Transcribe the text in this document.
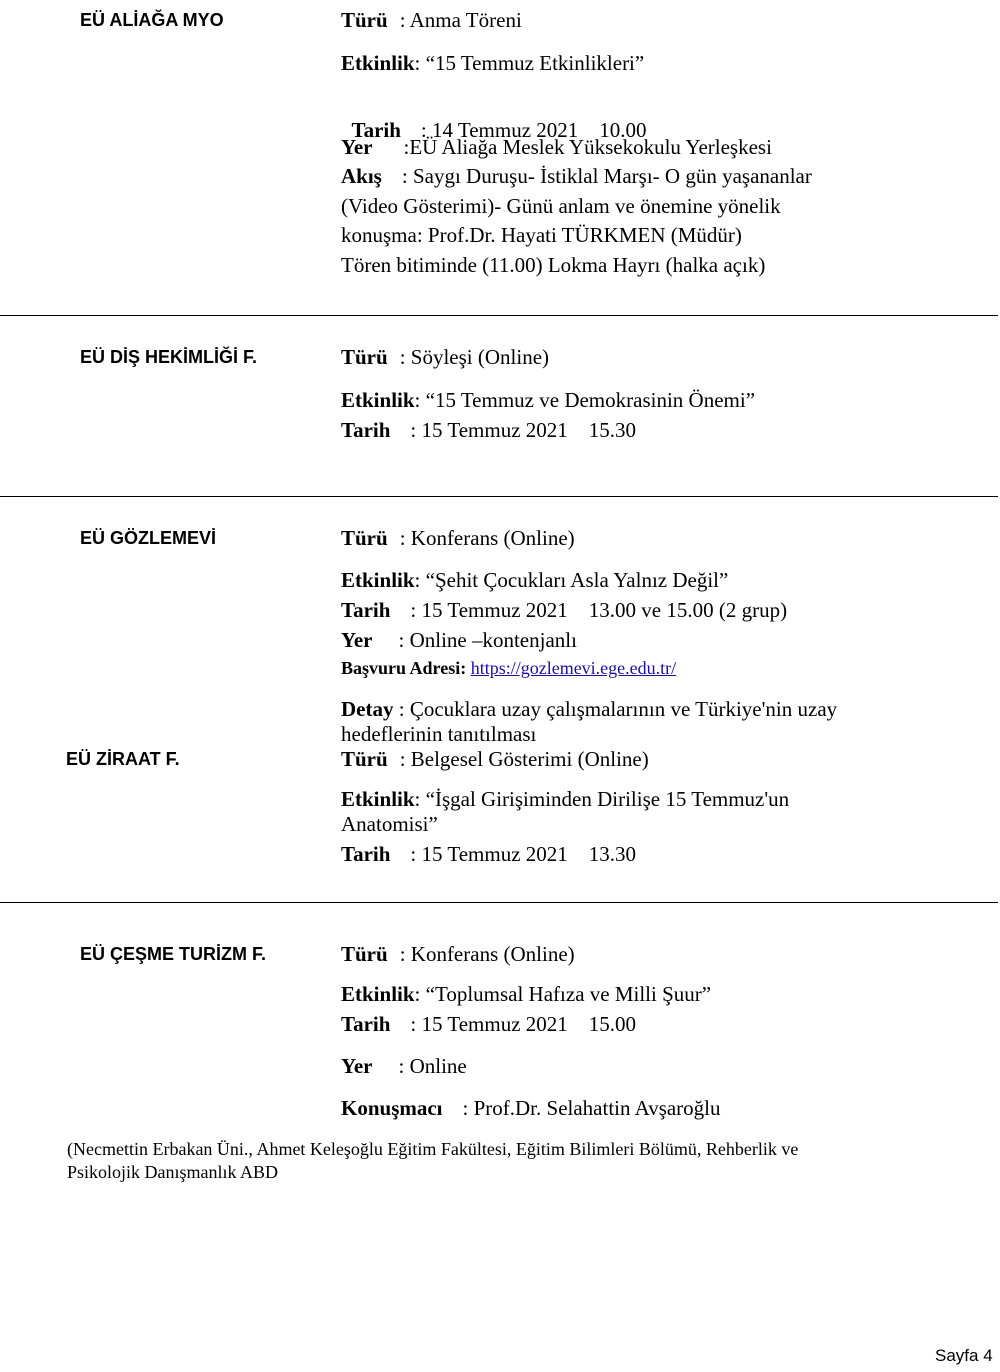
EÜ ALİAĞA MYO	Türü : Anma Töreni
Etkinlik: “15 Temmuz Etkinlikleri”

Tarih : 14 Temmuz 2021    10.00

Yer :EÜ Aliağa Meslek Yüksekokulu Yerleşkesi
Akış : Saygı Duruşu- İstiklal Marşı- O gün yaşananlar
(Video Gösterimi)- Günü anlam ve önemine yönelik
konuşma: Prof.Dr. Hayati TÜRKMEN (Müdür)
Tören bitiminde (11.00) Lokma Hayrı (halka açık)
EÜ DİŞ HEKİMLİĞİ F.	Türü : Söyleşi (Online)
Etkinlik: “15 Temmuz ve Demokrasinin Önemi”
Tarih : 15 Temmuz 2021    15.30
EÜ GÖZLEMEVİ	Türü : Konferans (Online)
Etkinlik: “Şehit Çocukları Asla Yalnız Değil”
Tarih : 15 Temmuz 2021    13.00 ve 15.00 (2 grup)
Yer : Online –kontenjanlı
Başvuru Adresi: https://gozlemevi.ege.edu.tr/
Detay : Çocuklara uzay çalışmalarının ve Türkiye'nin uzay
hedeflerinin tanıtılması
EÜ ZİRAAT F.	Türü : Belgesel Gösterimi (Online)
Etkinlik: “İşgal Girişiminden Dirilişe 15 Temmuz'un
Anatomisi”
Tarih : 15 Temmuz 2021    13.30
EÜ ÇEŞME TURİZM F.	Türü : Konferans (Online)
Etkinlik: “Toplumsal Hafıza ve Milli Şuur”
Tarih : 15 Temmuz 2021    15.00
Yer : Online
Konuşmacı : Prof.Dr. Selahattin Avşaroğlu
(Necmettin Erbakan Üni., Ahmet Keleşoğlu Eğitim Fakültesi, Eğitim Bilimleri Bölümü, Rehberlik ve
Psikolojik Danışmanlık ABD
Sayfa 4
